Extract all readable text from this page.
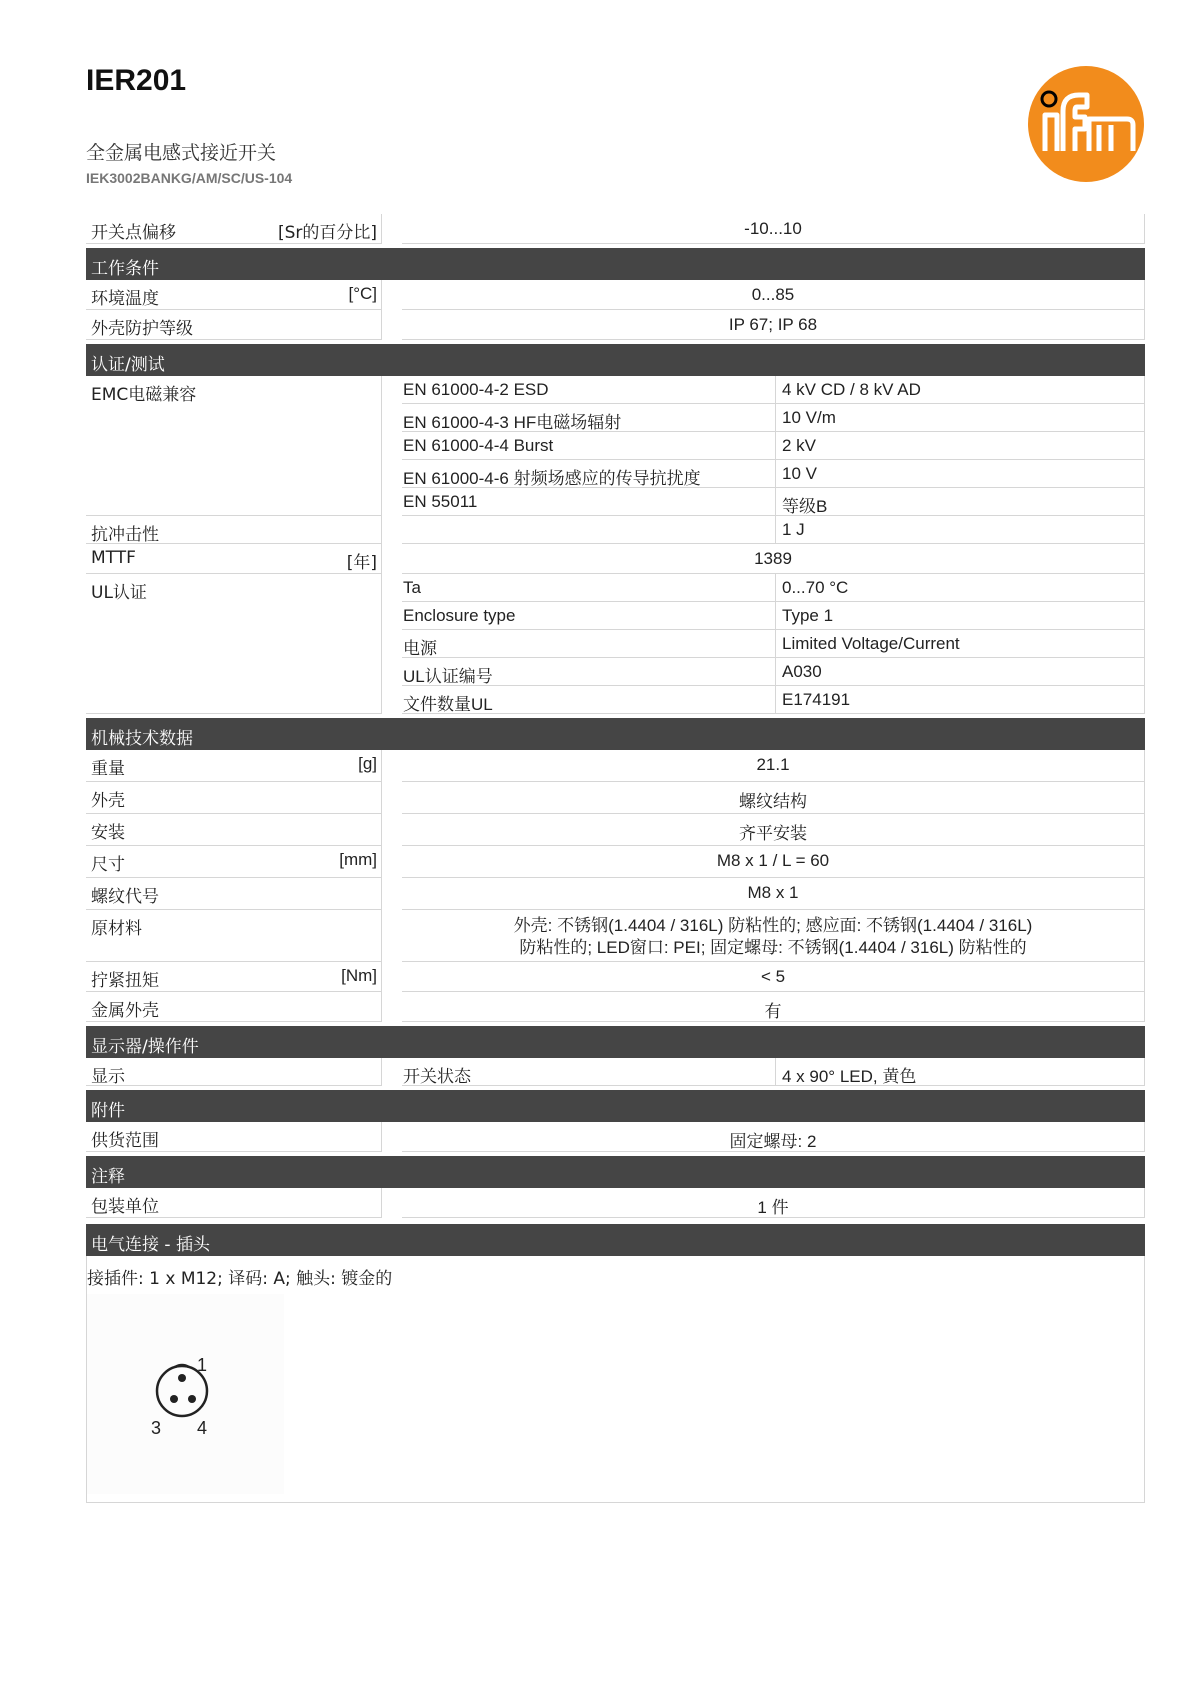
IER201
全金属电感式接近开关
IEK3002BANKG/AM/SC/US-104
开关点偏移	[Sr的百分比]	-10...10
工作条件
环境温度	[°C]	0...85
外壳防护等级	IP 67; IP 68
认证/测试
EMC电磁兼容	EN 61000-4-2 ESD	4 kV CD / 8 kV AD
EN 61000-4-3 HF电磁场辐射	10 V/m
EN 61000-4-4 Burst	2 kV
EN 61000-4-6 射频场感应的传导抗扰度	10 V
EN 55011	等级B
抗冲击性	1 J
MTTF	[年]	1389
UL认证	Ta	0...70 °C
Enclosure type	Type 1
电源	Limited Voltage/Current
UL认证编号	A030
文件数量UL	E174191
机械技术数据
重量	[g]	21.1
外壳	螺纹结构
安装	齐平安装
尺寸	[mm]	M8 x 1 / L = 60
螺纹代号	M8 x 1
原材料	外壳: 不锈钢(1.4404 / 316L) 防粘性的; 感应面: 不锈钢(1.4404 / 316L)
防粘性的; LED窗口: PEI; 固定螺母: 不锈钢(1.4404 / 316L) 防粘性的
拧紧扭矩	[Nm]	< 5
金属外壳	有
显示器/操作件
显示	开关状态	4 x 90° LED, 黄色
附件
供货范围	固定螺母: 2
注释
包装单位	1 件
电气连接 - 插头
接插件: 1 x M12; 译码: A; 触头: 镀金的
1
3 4
